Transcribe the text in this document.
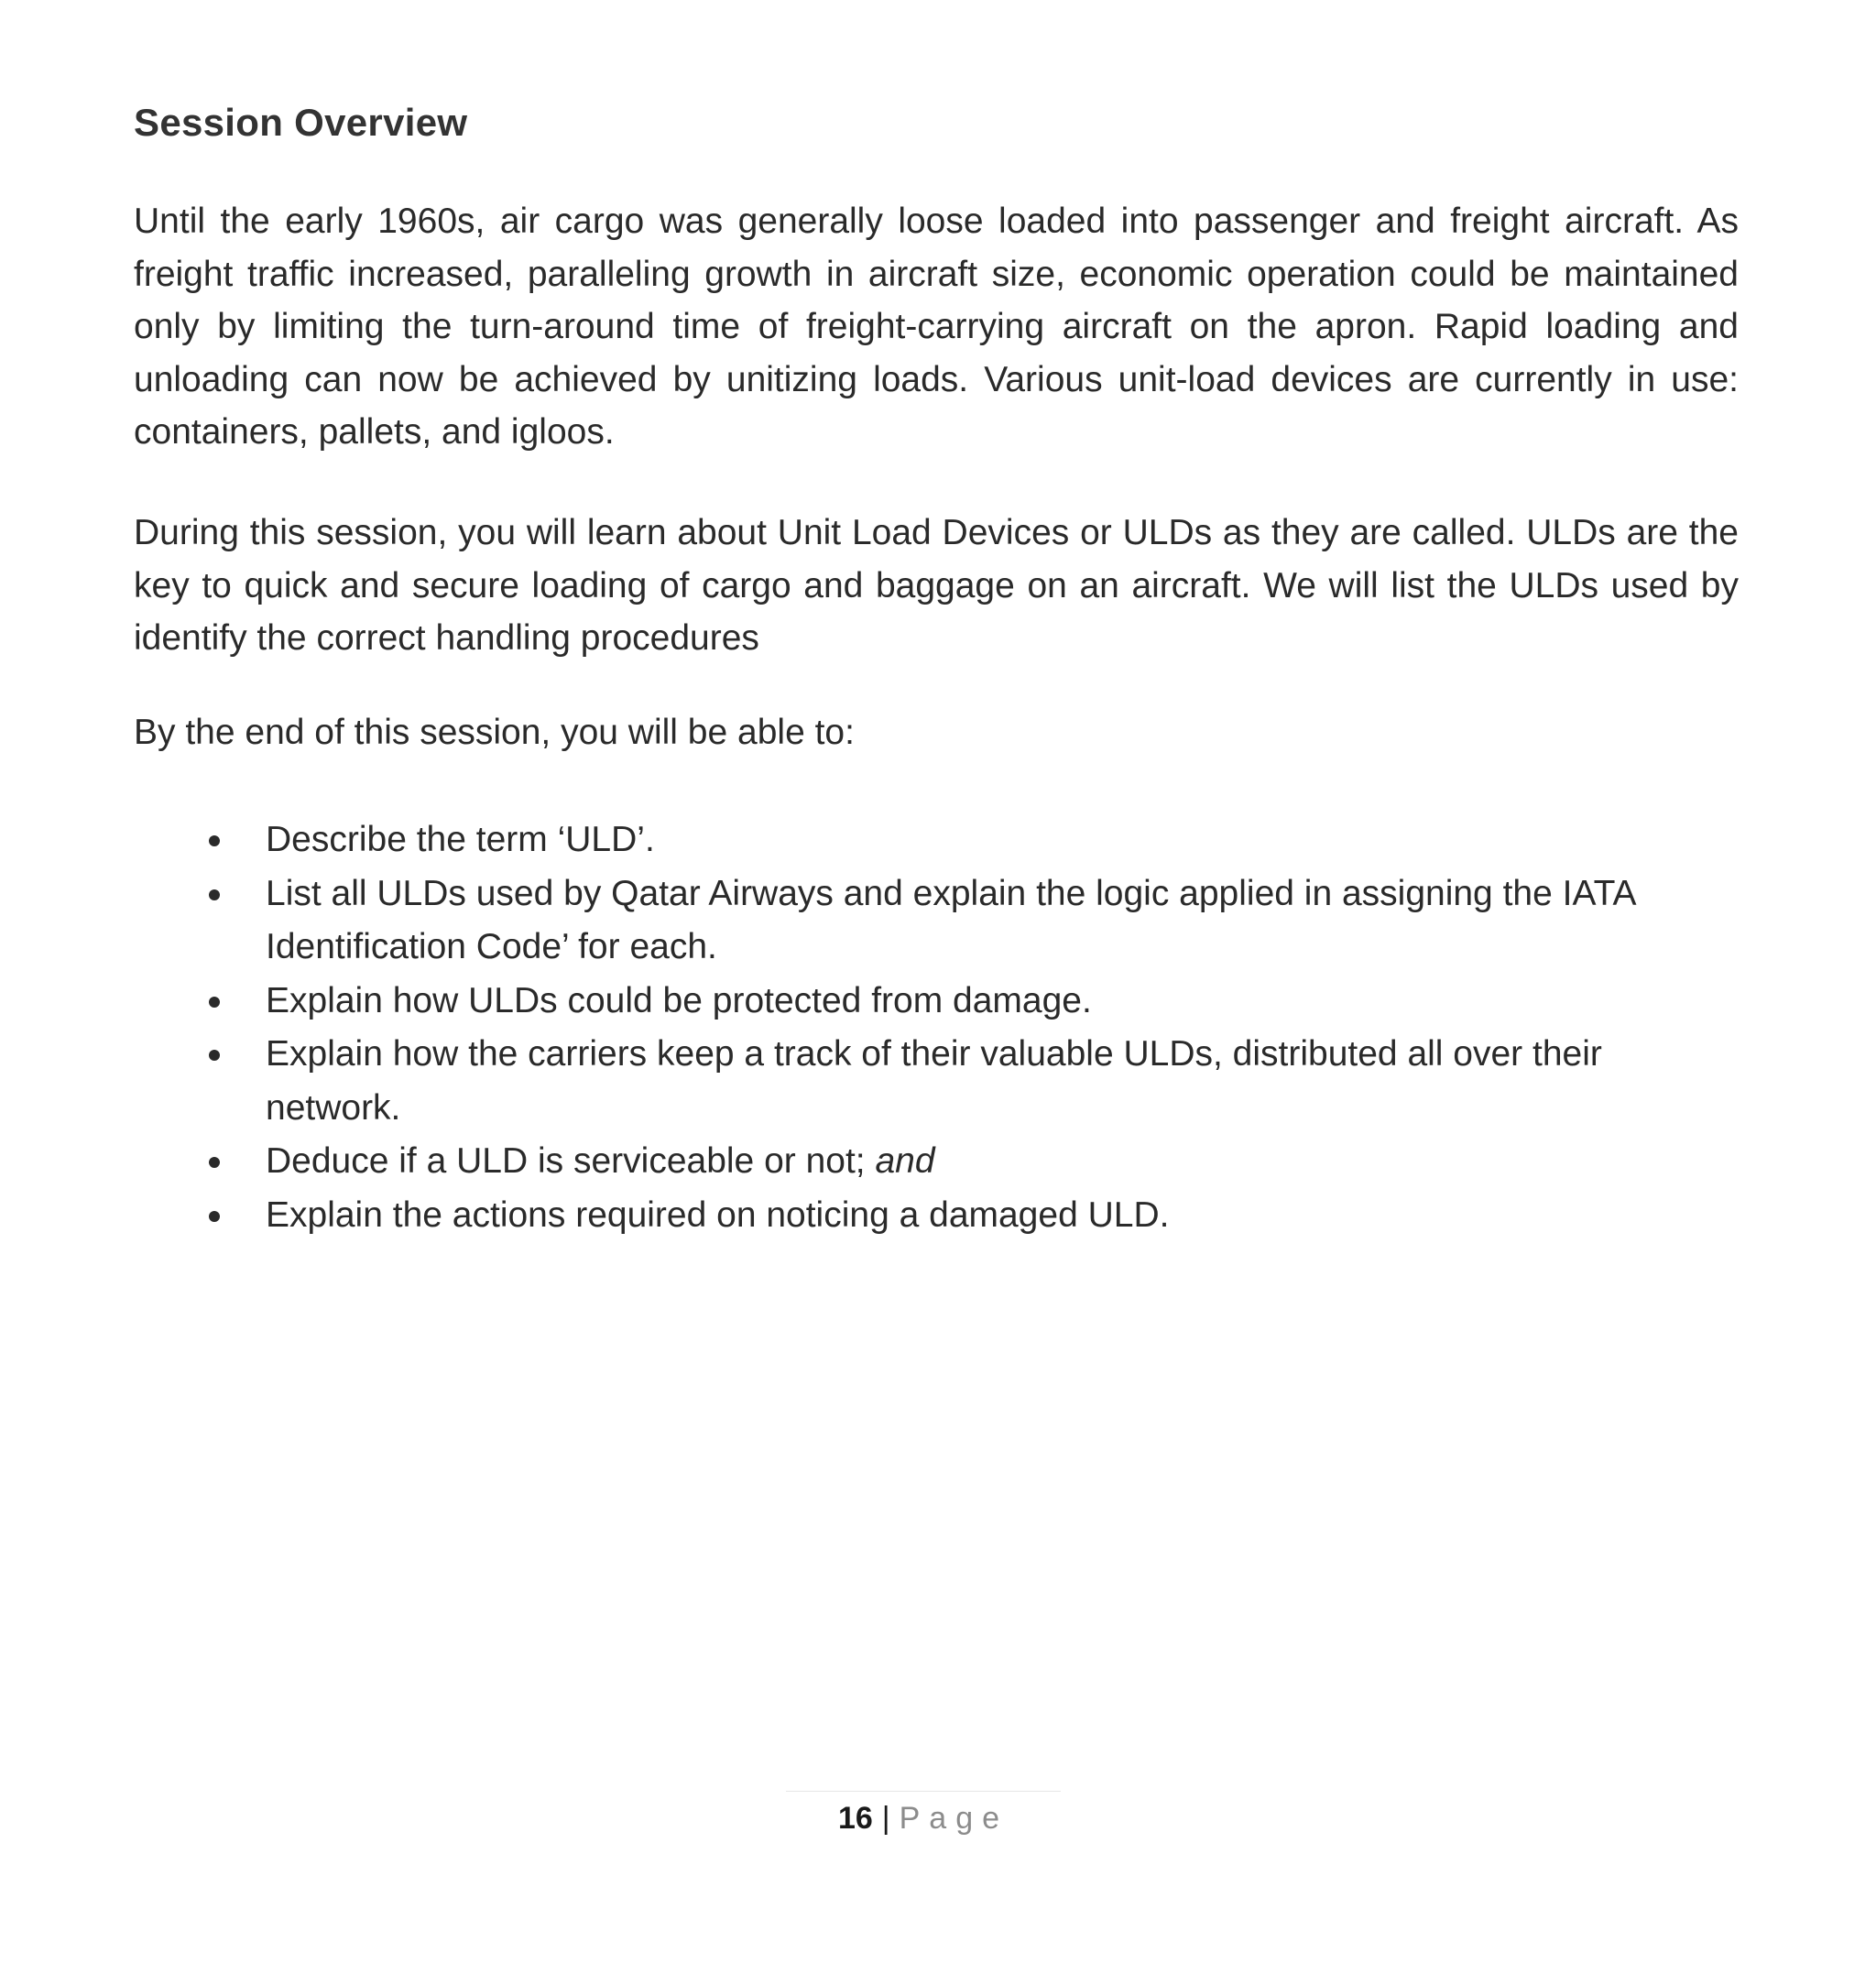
Session Overview

Until the early 1960s, air cargo was generally loose loaded into passenger and freight aircraft. As freight traffic increased, paralleling growth in aircraft size, economic operation could be maintained only by limiting the turn-around time of freight-carrying aircraft on the apron. Rapid loading and unloading can now be achieved by unitizing loads. Various unit-load devices are currently in use: containers, pallets, and igloos.

During this session, you will learn about Unit Load Devices or ULDs as they are called. ULDs are the key to quick and secure loading of cargo and baggage on an aircraft. We will list the ULDs used by identify the correct handling procedures

By the end of this session, you will be able to:

Describe the term ‘ULD’.
List all ULDs used by Qatar Airways and explain the logic applied in assigning the IATA Identification Code’ for each.
Explain how ULDs could be protected from damage.
Explain how the carriers keep a track of their valuable ULDs, distributed all over their network.
Deduce if a ULD is serviceable or not; and
Explain the actions required on noticing a damaged ULD.
16 | Page
